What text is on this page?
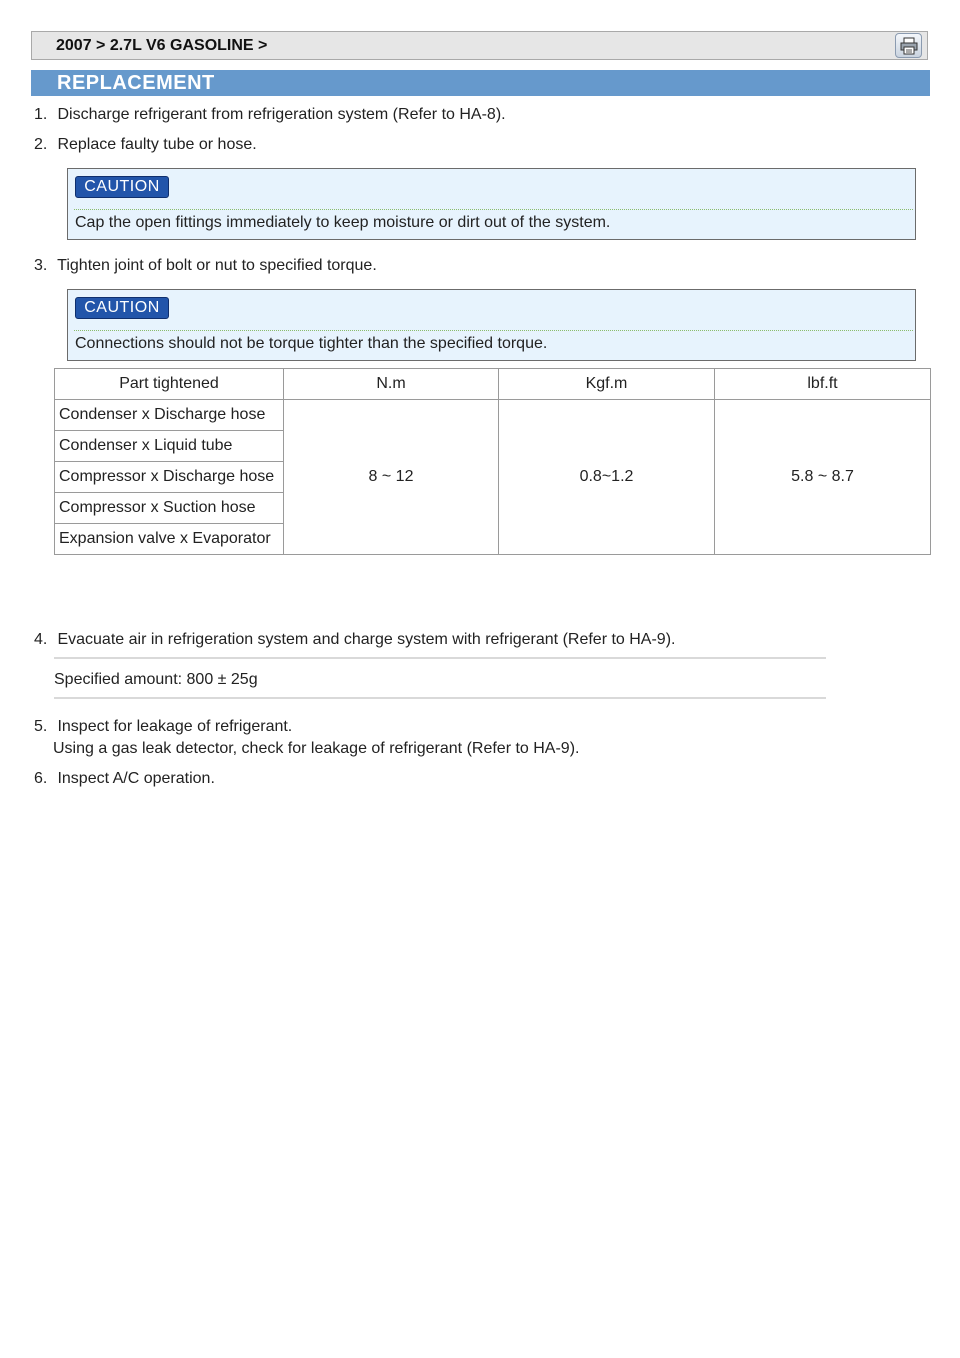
2007 > 2.7L V6 GASOLINE >
REPLACEMENT
1. Discharge refrigerant from refrigeration system (Refer to HA-8).
2. Replace faulty tube or hose.
CAUTION
Cap the open fittings immediately to keep moisture or dirt out of the system.
3. Tighten joint of bolt or nut to specified torque.
CAUTION
Connections should not be torque tighter than the specified torque.
Part tightened	N.m	Kgf.m	lbf.ft
Condenser x Discharge hose	8 ~ 12	0.8~1.2	5.8 ~ 8.7
Condenser x Liquid tube			
Compressor x Discharge hose			
Compressor x Suction hose			
Expansion valve x Evaporator			
4. Evacuate air in refrigeration system and charge system with refrigerant (Refer to HA-9).
Specified amount: 800 ± 25g
5. Inspect for leakage of refrigerant.
Using a gas leak detector, check for leakage of refrigerant (Refer to HA-9).
6. Inspect A/C operation.
